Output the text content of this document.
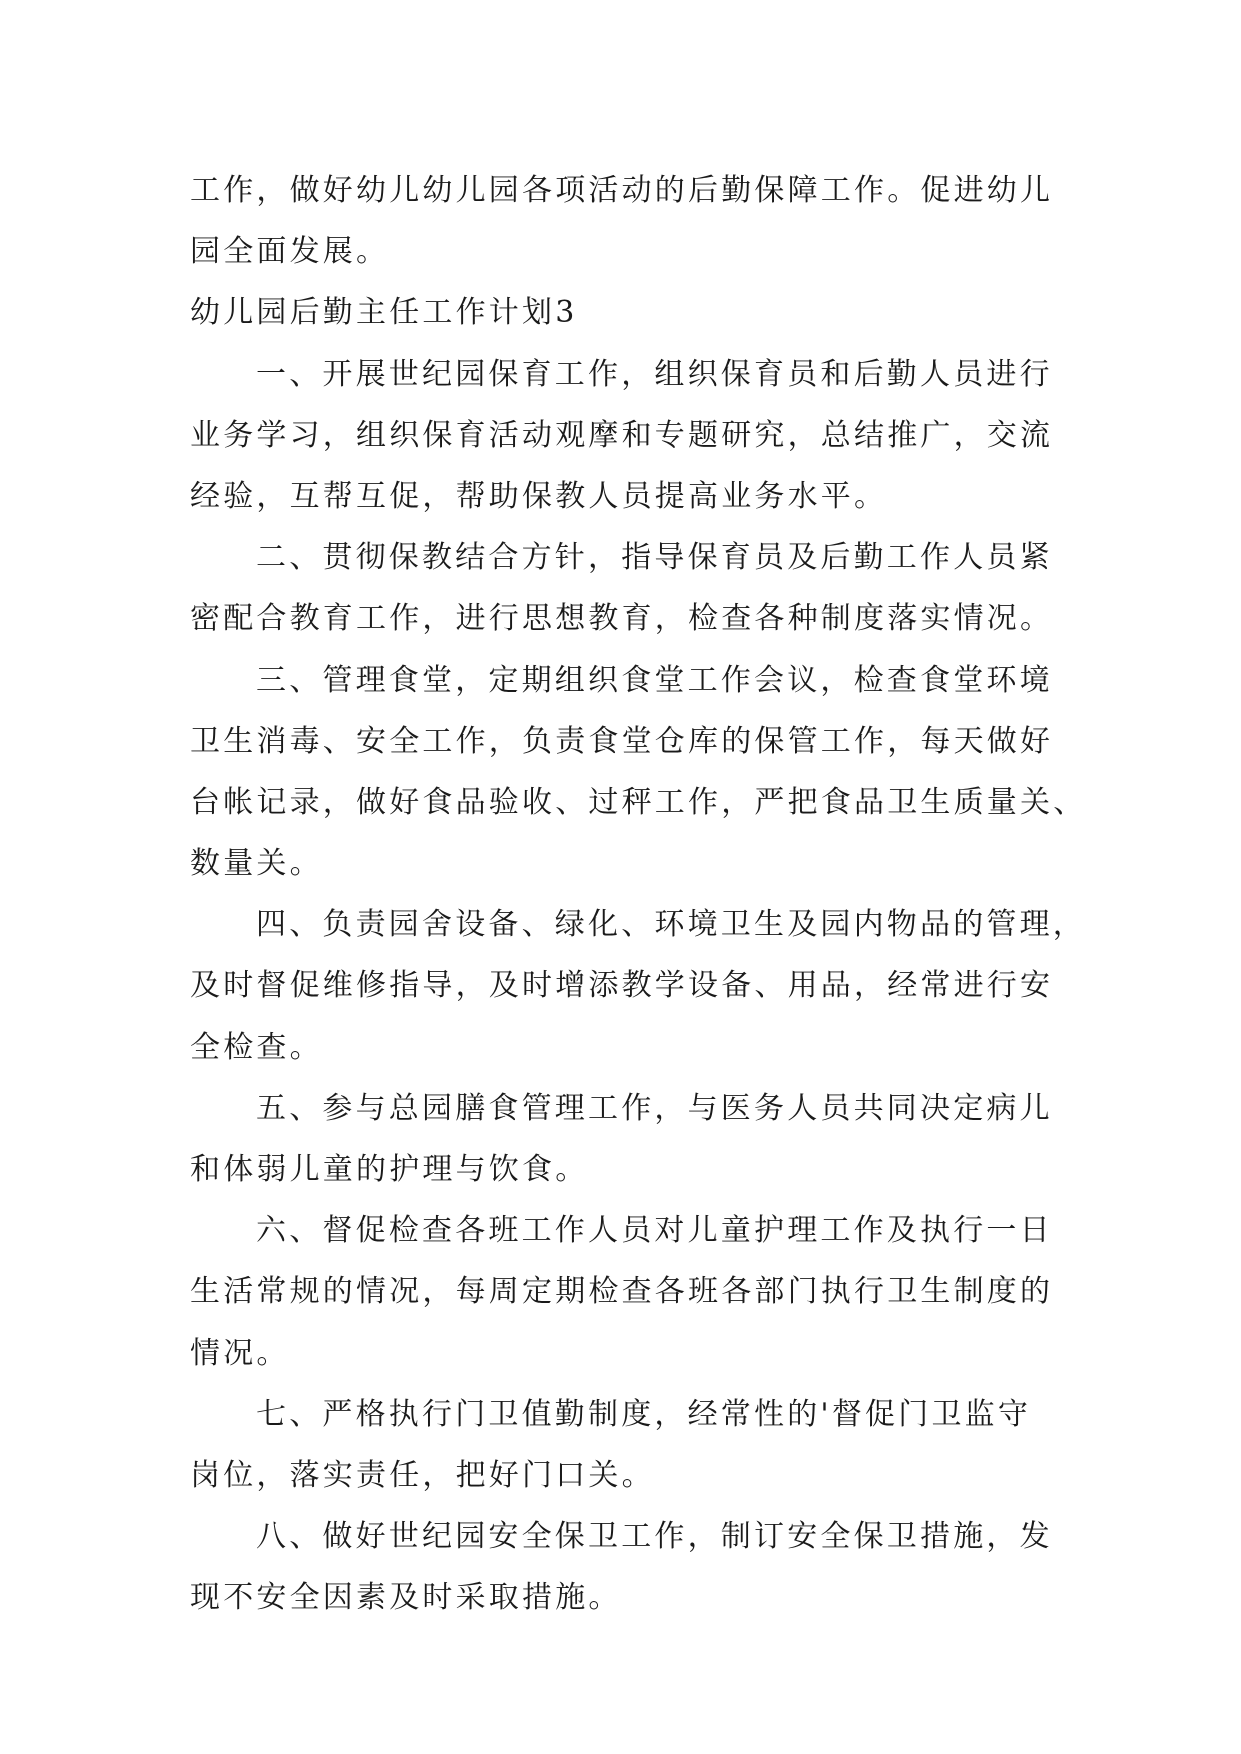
工作，做好幼儿幼儿园各项活动的后勤保障工作。促进幼儿

园全面发展。

幼儿园后勤主任工作计划3

一、开展世纪园保育工作，组织保育员和后勤人员进行

业务学习，组织保育活动观摩和专题研究，总结推广，交流

经验，互帮互促，帮助保教人员提高业务水平。

二、贯彻保教结合方针，指导保育员及后勤工作人员紧

密配合教育工作，进行思想教育，检查各种制度落实情况。

三、管理食堂，定期组织食堂工作会议，检查食堂环境

卫生消毒、安全工作，负责食堂仓库的保管工作，每天做好

台帐记录，做好食品验收、过秤工作，严把食品卫生质量关、

数量关。

四、负责园舍设备、绿化、环境卫生及园内物品的管理，

及时督促维修指导，及时增添教学设备、用品，经常进行安

全检查。

五、参与总园膳食管理工作，与医务人员共同决定病儿

和体弱儿童的护理与饮食。

六、督促检查各班工作人员对儿童护理工作及执行一日

生活常规的情况，每周定期检查各班各部门执行卫生制度的

情况。

七、严格执行门卫值勤制度，经常性的'督促门卫监守

岗位，落实责任，把好门口关。

八、做好世纪园安全保卫工作，制订安全保卫措施，发

现不安全因素及时采取措施。
